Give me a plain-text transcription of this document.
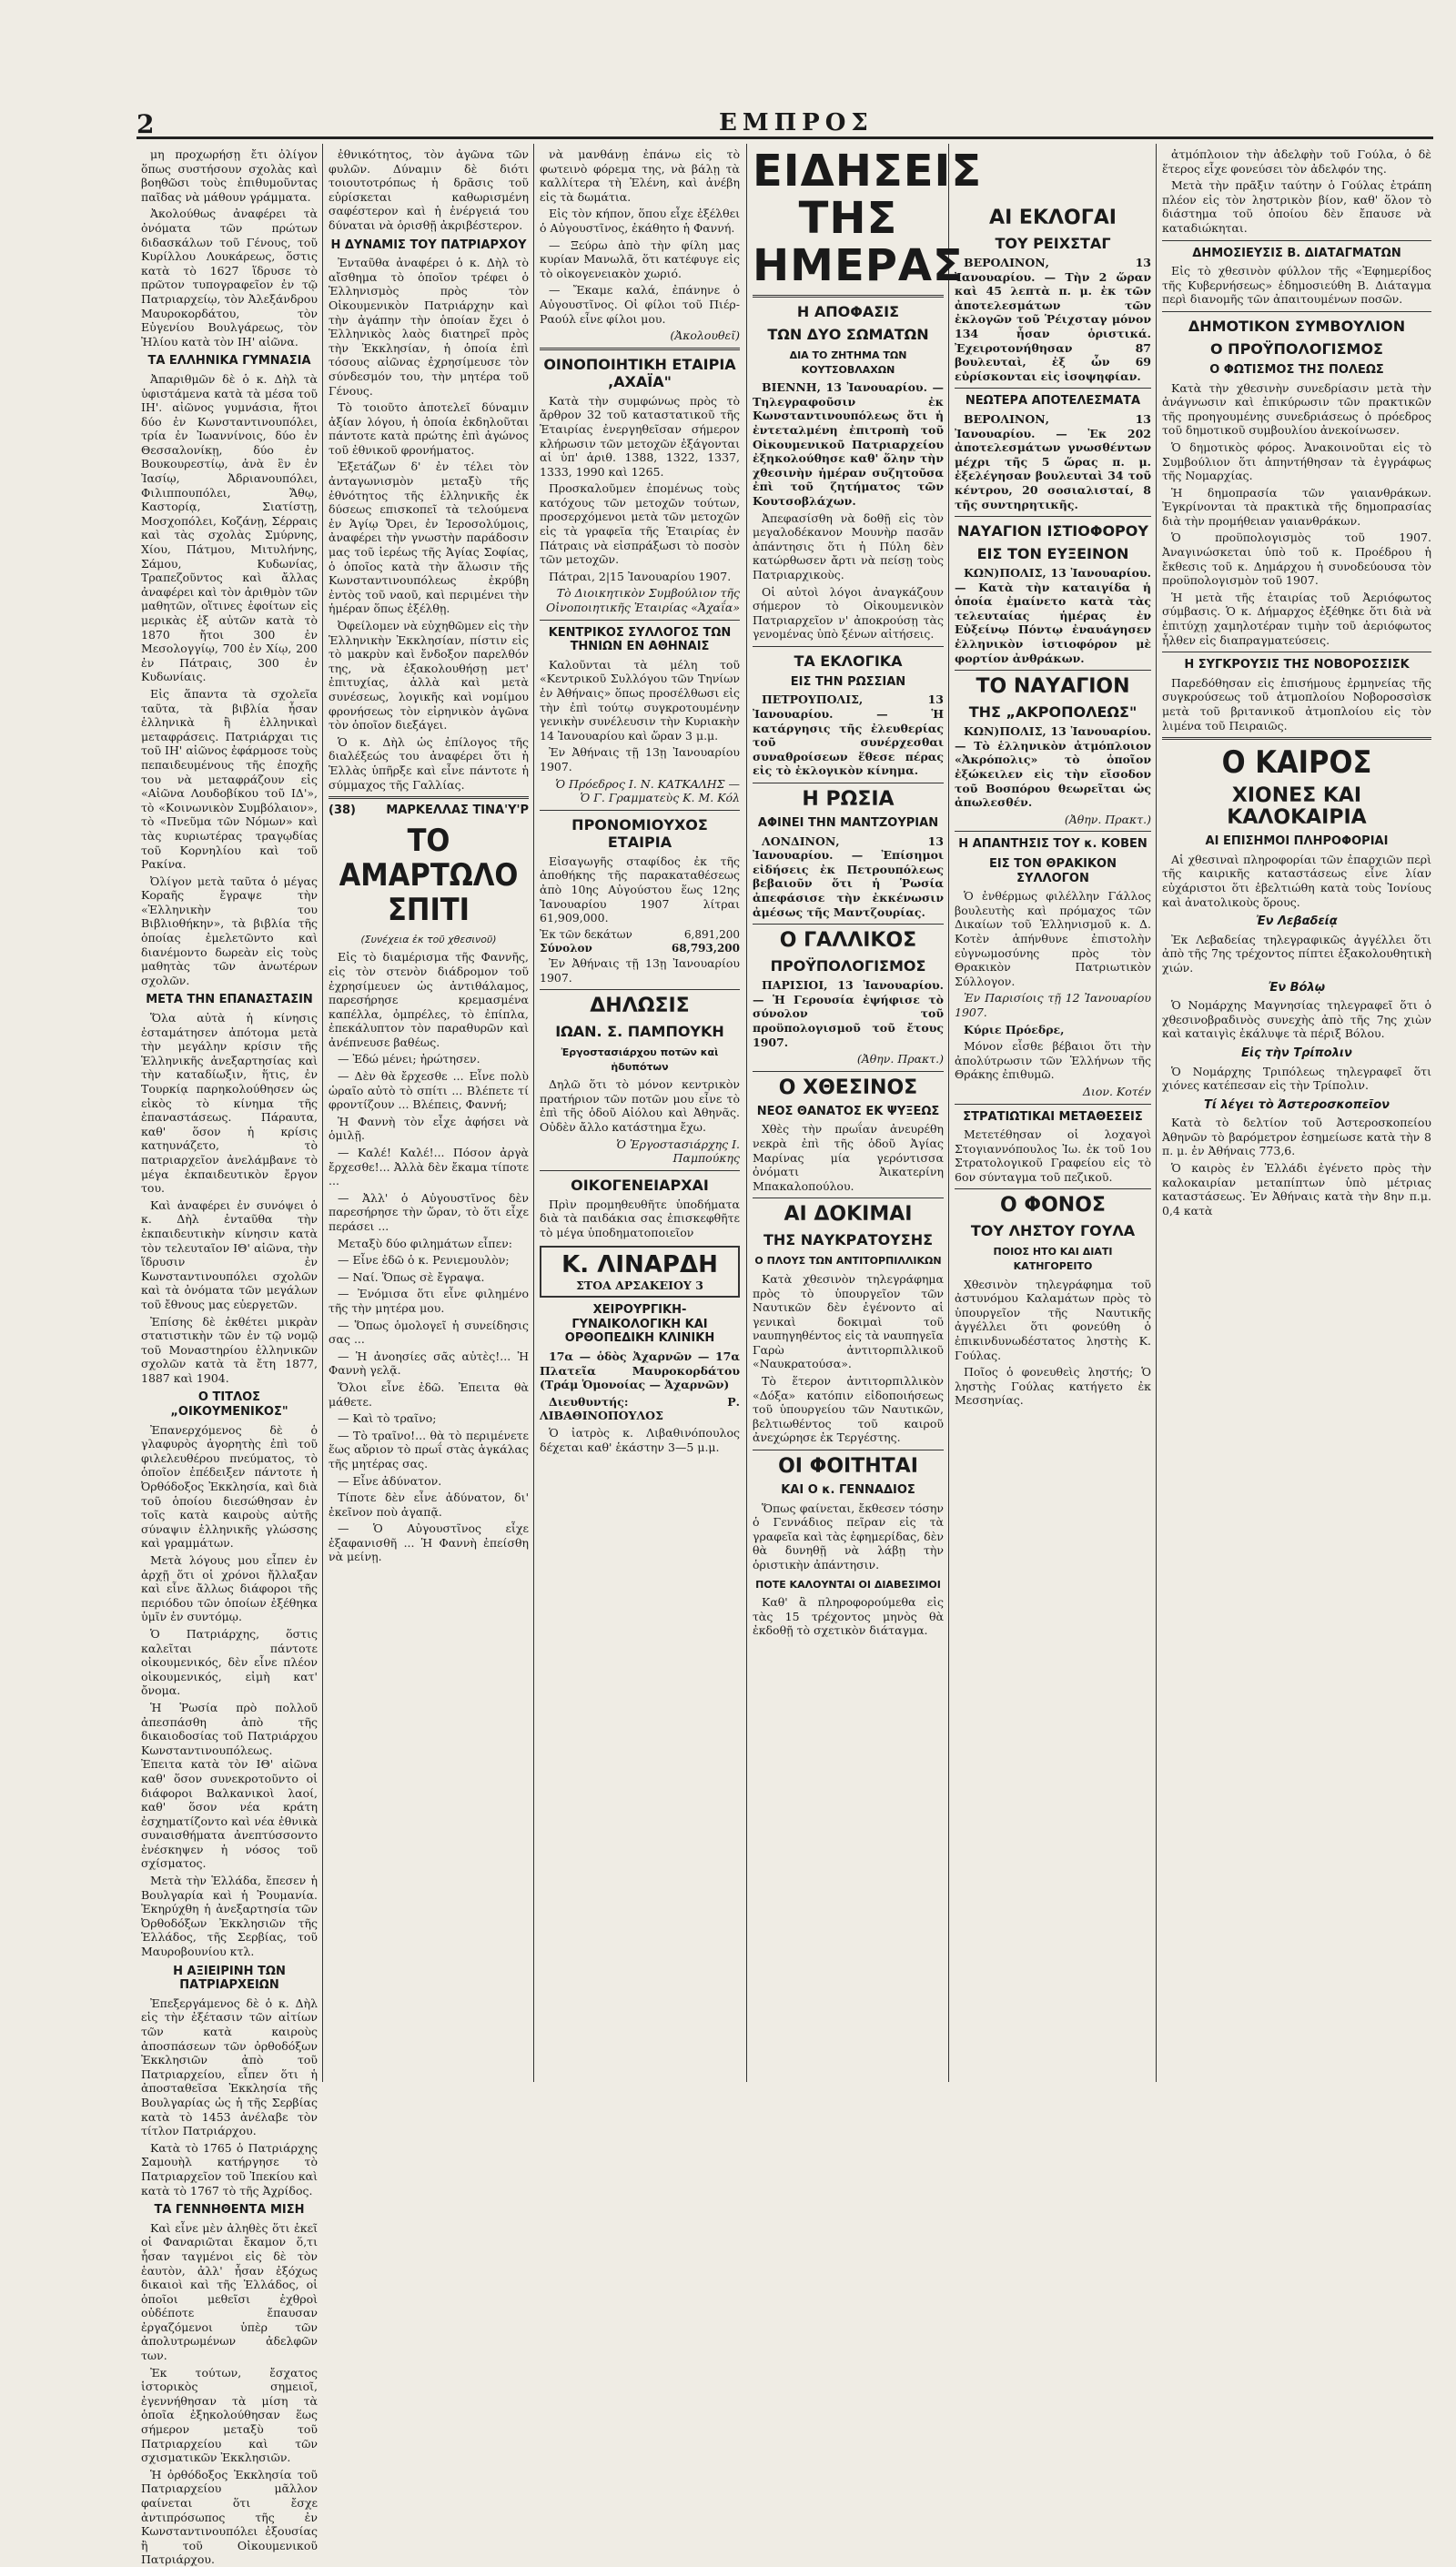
2	ΕΜΠΡΟΣ

μη προχωρήσῃ ἔτι ὀλίγον ὅπως συστήσουν σχολὰς καὶ βοηθῶσι τοὺς ἐπιθυμοῦντας παῖδας νὰ μάθουν γράμματα.

Ἀκολούθως ἀναφέρει τὰ ὀνόματα τῶν πρώτων διδασκάλων τοῦ Γένους, τοῦ Κυρίλλου Λουκάρεως, ὅστις κατὰ τὸ 1627 ἵδρυσε τὸ πρῶτον τυπογραφεῖον ἐν τῷ Πατριαρχείῳ, τὸν Ἀλεξάνδρου Μαυροκορδάτου, τὸν Εὐγενίου Βουλγάρεως, τὸν Ἠλίου κατὰ τὸν ΙΗ' αἰῶνα.

ΤΑ ΕΛΛΗΝΙΚΑ ΓΥΜΝΑΣΙΑ

Ἀπαριθμῶν δὲ ὁ κ. Δὴλ τὰ ὑφιστάμενα κατὰ τὰ μέσα τοῦ ΙΗ'. αἰῶνος γυμνάσια, ἥτοι δύο ἐν Κωνσταντινουπόλει, τρία ἐν Ἰωαννίνοις, δύο ἐν Θεσσαλονίκῃ, δύο ἐν Βουκουρεστίῳ, ἀνὰ ἓν ἐν Ἰασίῳ, Ἀδριανουπόλει, Φιλιππουπόλει, Ἄθῳ, Καστορίᾳ, Σιατίστῃ, Μοσχοπόλει, Κοζάνῃ, Σέρραις καὶ τὰς σχολὰς Σμύρνης, Χίου, Πάτμου, Μιτυλήνης, Σάμου, Κυδωνίας, Τραπεζοῦντος καὶ ἄλλας ἀναφέρει καὶ τὸν ἀριθμὸν τῶν μαθητῶν, οἵτινες ἐφοίτων εἰς μερικὰς ἐξ αὐτῶν κατὰ τὸ 1870 ἤτοι 300 ἐν Μεσολογγίῳ, 700 ἐν Χίῳ, 200 ἐν Πάτραις, 300 ἐν Κυδωνίαις.

Εἰς ἅπαντα τὰ σχολεῖα ταῦτα, τὰ βιβλία ἦσαν ἑλληνικὰ ἢ ἑλληνικαὶ μεταφράσεις. Πατριάρχαι τις τοῦ ΙΗ' αἰῶνος ἐφάρμοσε τοὺς πεπαιδευμένους τῆς ἐποχῆς του νὰ μεταφράζουν εἰς «Αἰῶνα Λουδοβίκου τοῦ ΙΔ'», τὸ «Κοινωνικὸν Συμβόλαιον», τὸ «Πνεῦμα τῶν Νόμων» καὶ τὰς κυριωτέρας τραγῳδίας τοῦ Κορνηλίου καὶ τοῦ Ρακίνα.

Ὀλίγον μετὰ ταῦτα ὁ μέγας Κοραῆς ἔγραψε τὴν «Ἑλληνικὴν του Βιβλιοθήκην», τὰ βιβλία τῆς ὁποίας ἐμελετῶντο καὶ διανέμοντο δωρεὰν εἰς τοὺς μαθητὰς τῶν ἀνωτέρων σχολῶν.

ΜΕΤΑ ΤΗΝ ΕΠΑΝΑΣΤΑΣΙΝ

Ὅλα αὐτὰ ἡ κίνησις ἐσταμάτησεν ἀπότομα μετὰ τὴν μεγάλην κρίσιν τῆς Ἑλληνικῆς ἀνεξαρτησίας καὶ τὴν καταδίωξιν, ἥτις, ἐν Τουρκίᾳ παρηκολούθησεν ὡς εἰκὸς τὸ κίνημα τῆς ἐπαναστάσεως. Πάραυτα, καθ' ὅσον ἡ κρίσις κατηυνάζετο, τὸ πατριαρχεῖον ἀνελάμβανε τὸ μέγα ἐκπαιδευτικὸν ἔργον του.

Καὶ ἀναφέρει ἐν συνόψει ὁ κ. Δὴλ ἐνταῦθα τὴν ἐκπαιδευτικὴν κίνησιν κατὰ τὸν τελευταῖον ΙΘ' αἰῶνα, τὴν ἵδρυσιν ἐν Κωνσταντινουπόλει σχολῶν καὶ τὰ ὀνόματα τῶν μεγάλων τοῦ ἔθνους μας εὐεργετῶν.

Ἐπίσης δὲ ἐκθέτει μικρὰν στατιστικὴν τῶν ἐν τῷ νομῷ τοῦ Μοναστηρίου ἑλληνικῶν σχολῶν κατὰ τὰ ἔτη 1877, 1887 καὶ 1904.

Ο ΤΙΤΛΟΣ „ΟΙΚΟΥΜΕΝΙΚΟΣ"

Ἐπανερχόμενος δὲ ὁ γλαφυρὸς ἀγορητὴς ἐπὶ τοῦ φιλελευθέρου πνεύματος, τὸ ὁποῖον ἐπέδειξεν πάντοτε ἡ Ὀρθόδοξος Ἐκκλησία, καὶ διὰ τοῦ ὁποίου διεσώθησαν ἐν τοῖς κατὰ καιροὺς αὐτῆς σύναψιν ἑλληνικῆς γλώσσης καὶ γραμμάτων.

Μετὰ λόγους μου εἶπεν ἐν ἀρχῇ ὅτι οἱ χρόνοι ἤλλαξαν καὶ εἶνε ἄλλως διάφοροι τῆς περιόδου τῶν ὁποίων ἐξέθηκα ὑμῖν ἐν συντόμῳ.

Ὁ Πατριάρχης, ὅστις καλεῖται πάντοτε οἰκουμενικός, δὲν εἶνε πλέον οἰκουμενικός, εἰμὴ κατ' ὄνομα.

Ἡ Ῥωσία πρὸ πολλοῦ ἀπεσπάσθη ἀπὸ τῆς δικαιοδοσίας τοῦ Πατριάρχου Κωνσταντινουπόλεως. Ἐπειτα κατὰ τὸν ΙΘ' αἰῶνα καθ' ὅσον συνεκροτοῦντο οἱ διάφοροι Βαλκανικοὶ λαοί, καθ' ὅσον νέα κράτη ἐσχηματίζοντο καὶ νέα ἐθνικὰ συναισθήματα ἀνεπτύσσοντο ἐνέσκηψεν ἡ νόσος τοῦ σχίσματος.

Μετὰ τὴν Ἑλλάδα, ἔπεσεν ἡ Βουλγαρία καὶ ἡ Ῥουμανία. Ἐκηρύχθη ἡ ἀνεξαρτησία τῶν Ὀρθοδόξων Ἐκκλησιῶν τῆς Ἑλλάδος, τῆς Σερβίας, τοῦ Μαυροβουνίου κτλ.

Η ΑΞΙΕΙΡΙΝΗ ΤΩΝ ΠΑΤΡΙΑΡΧΕΙΩΝ

Ἐπεξεργάμενος δὲ ὁ κ. Δὴλ εἰς τὴν ἐξέτασιν τῶν αἰτίων τῶν κατὰ καιροὺς ἀποσπάσεων τῶν ὀρθοδόξων Ἐκκλησιῶν ἀπὸ τοῦ Πατριαρχείου, εἶπεν ὅτι ἡ ἀποσταθεῖσα Ἐκκλησία τῆς Βουλγαρίας ὡς ἡ τῆς Σερβίας κατὰ τὸ 1453 ἀνέλαβε τὸν τίτλον Πατριάρχου.

Κατὰ τὸ 1765 ὁ Πατριάρχης Σαμουὴλ κατήργησε τὸ Πατριαρχεῖον τοῦ Ἰπεκίου καὶ κατὰ τὸ 1767 τὸ τῆς Ἀχρίδος.

ΤΑ ΓΕΝΝΗΘΕΝΤΑ ΜΙΣΗ

Καὶ εἶνε μὲν ἀληθὲς ὅτι ἐκεῖ οἱ Φαναριῶται ἔκαμον ὅ,τι ἦσαν ταγμένοι εἰς δὲ τὸν ἑαυτὸν, ἀλλ' ἦσαν ἐξόχως δικαιοὶ καὶ τῆς Ἑλλάδος, οἱ ὁποῖοι μεθεῖσι ἐχθροὶ οὐδέποτε ἔπαυσαν ἐργαζόμενοι ὑπὲρ τῶν ἀπολυτρωμένων ἀδελφῶν των.

Ἐκ τούτων, ἔσχατος ἱστορικὸς σημειοῖ, ἐγεννήθησαν τὰ μίση τὰ ὁποῖα ἐξηκολούθησαν ἕως σήμερον μεταξὺ τοῦ Πατριαρχείου καὶ τῶν σχισματικῶν Ἐκκλησιῶν.

Ἡ ὀρθόδοξος Ἐκκλησία τοῦ Πατριαρχείου μᾶλλον φαίνεται ὅτι ἔσχε ἀντιπρόσωπος τῆς ἐν Κωνσταντινουπόλει ἐξουσίας ἢ τοῦ Οἰκουμενικοῦ Πατριάρχου.

ἐθνικότητος, τὸν ἀγῶνα τῶν φυλῶν. Δύναμιν δὲ διότι τοιουτοτρόπως ἡ δρᾶσις τοῦ εὑρίσκεται καθωρισμένη σαφέστερον καὶ ἡ ἐνέργειά του δύναται νὰ ὁρισθῇ ἀκριβέστερον.

Η ΔΥΝΑΜΙΣ ΤΟΥ ΠΑΤΡΙΑΡΧΟΥ

Ἐνταῦθα ἀναφέρει ὁ κ. Δὴλ τὸ αἴσθημα τὸ ὁποῖον τρέφει ὁ Ἑλληνισμὸς πρὸς τὸν Οἰκουμενικὸν Πατριάρχην καὶ τὴν ἀγάπην τὴν ὁποίαν ἔχει ὁ Ἑλληνικὸς λαὸς διατηρεῖ πρὸς τὴν Ἐκκλησίαν, ἡ ὁποία ἐπὶ τόσους αἰῶνας ἐχρησίμευσε τὸν σύνδεσμόν του, τὴν μητέρα τοῦ Γένους.

Τὸ τοιοῦτο ἀποτελεῖ δύναμιν ἀξίαν λόγου, ἡ ὁποία ἐκδηλοῦται πάντοτε κατὰ πρώτης ἐπὶ ἀγώνος τοῦ ἐθνικοῦ φρονήματος.

Ἐξετάζων δ' ἐν τέλει τὸν ἀνταγωνισμὸν μεταξὺ τῆς ἐθνότητος τῆς ἑλληνικῆς ἐκ δύσεως επισκοπεῖ τὰ τελούμενα ἐν Ἁγίῳ Ὄρει, ἐν Ἱεροσολύμοις, ἀναφέρει τὴν γνωστὴν παράδοσιν μας τοῦ ἱερέως τῆς Ἁγίας Σοφίας, ὁ ὁποῖος κατὰ τὴν ἅλωσιν τῆς Κωνσταντινουπόλεως ἐκρύβη ἐντὸς τοῦ ναοῦ, καὶ περιμένει τὴν ἡμέραν ὅπως ἐξέλθῃ.

Ὀφείλομεν νὰ εὐχηθῶμεν εἰς τὴν Ἑλληνικὴν Ἐκκλησίαν, πίστιν εἰς τὸ μακρὺν καὶ ἔνδοξον παρελθόν της, νὰ ἐξακολουθήσῃ μετ' ἐπιτυχίας, ἀλλὰ καὶ μετὰ συνέσεως, λογικῆς καὶ νομίμου φρονήσεως τὸν εἰρηνικὸν ἀγῶνα τὸν ὁποῖον διεξάγει.

Ὁ κ. Δὴλ ὡς ἐπίλογος τῆς διαλέξεώς του ἀναφέρει ὅτι ἡ Ἑλλὰς ὑπῆρξε καὶ εἶνε πάντοτε ἡ σύμμαχος τῆς Γαλλίας.

(38)	ΜΑΡΚΕΛΛΑΣ ΤΙΝΑ'Υ'Ρ
ΤΟ ΑΜΑΡΤΩΛΟ ΣΠΙΤΙ
(Συνέχεια ἐκ τοῦ χθεσινοῦ)

Εἰς τὸ διαμέρισμα τῆς Φαννῆς, εἰς τὸν στενὸν διάδρομον τοῦ ἐχρησίμευεν ὡς ἀντιθάλαμος, παρεσήρησε κρεμασμένα καπέλλα, ὀμπρέλες, τὸ ἐπίπλα, ἐπεκάλυπτον τὸν παραθυρῶν καὶ ἀνέπνευσε βαθέως.

— Ἐδώ μένει; ἠρώτησεν.

— Δὲν θὰ ἔρχεσθε ... Εἶνε πολὺ ὡραῖο αὐτὸ τὸ σπίτι ... Βλέπετε τί φροντίζουν ... Βλέπεις, Φαννή;

Ἡ Φαννὴ τὸν εἶχε ἀφήσει νὰ ὁμιλῇ.

— Καλέ! Καλέ!... Πόσον ἀργὰ ἔρχεσθε!... Ἀλλὰ δὲν ἔκαμα τίποτε ...

— Ἀλλ' ὁ Αὐγουστῖνος δὲν παρεσήρησε τὴν ὥραν, τὸ ὅτι εἶχε περάσει ...

Μεταξὺ δύο φιλημάτων εἶπεν:

— Εἶνε ἐδῶ ὁ κ. Ρενιεμουλὸν;

— Ναί. Ὅπως σὲ ἔγραψα.

— Ἐνόμισα ὅτι εἶνε φιλημένο τῆς τὴν μητέρα μου.

— Ὅπως ὁμολογεῖ ἡ συνείδησις σας ...

— Ἡ ἀνοησίες σᾶς αὐτὲς!... Ἡ Φαννὴ γελᾷ.

Ὅλοι εἶνε ἐδῶ. Ἐπειτα θὰ μάθετε.

— Καὶ τὸ τραῖνο;

— Τὸ τραῖνο!... θὰ τὸ περιμένετε ἕως αὔριον τὸ πρωΐ στὰς ἀγκάλας τῆς μητέρας σας.

— Εἶνε ἀδύνατον.

Τίποτε δὲν εἶνε ἀδύνατον, δι' ἐκεῖνον ποὺ ἀγαπᾷ.

— Ὁ Αὐγουστῖνος εἶχε ἐξαφανισθῆ ... Ἡ Φαννὴ ἐπείσθη νὰ μείνῃ.

νὰ μανθάνῃ ἐπάνω εἰς τὸ φωτεινὸ φόρεμα της, νὰ βάλῃ τὰ καλλίτερα τὴ Ἑλένη, καὶ ἀνέβη εἰς τὰ δωμάτια.

Εἰς τὸν κήπον, ὅπου εἶχε ἐξέλθει ὁ Αὐγουστῖνος, ἐκάθητο ἡ Φαννή.

— Ξεύρω ἀπὸ τὴν φίλη μας κυρίαν Μανωλᾶ, ὅτι κατέφυγε εἰς τὸ οἰκογενειακὸν χωριό.

— Ἔκαμε καλά, ἐπάνηνε ὁ Αὐγουστῖνος. Οἱ φίλοι τοῦ Πιέρ-Ραούλ εἶνε φίλοι μου.

(Ἀκολουθεῖ)

ΟΙΝΟΠΟΙΗΤΙΚΗ ΕΤΑΙΡΙΑ ,ΑΧΑΪΑ"

Κατὰ τὴν συμφώνως πρὸς τὸ ἄρθρον 32 τοῦ καταστατικοῦ τῆς Ἑταιρίας ἐνεργηθεῖσαν σήμερον κλήρωσιν τῶν μετοχῶν ἐξάγονται αἱ ὑπ' ἀριθ. 1388, 1322, 1337, 1333, 1990 καὶ 1265.

Προσκαλοῦμεν ἐπομένως τοὺς κατόχους τῶν μετοχῶν τούτων, προσερχόμενοι μετὰ τῶν μετοχῶν εἰς τὰ γραφεῖα τῆς Ἑταιρίας ἐν Πάτραις νὰ εἰσπράξωσι τὸ ποσὸν τῶν μετοχῶν.

Πάτραι, 2|15 Ἰανουαρίου 1907.

Τὸ Διοικητικὸν Συμβούλιον τῆς Οἰνοποιητικῆς Ἑταιρίας «Ἀχαΐα»

ΚΕΝΤΡΙΚΟΣ ΣΥΛΛΟΓΟΣ ΤΩΝ ΤΗΝΙΩΝ ΕΝ ΑΘΗΝΑΙΣ

Καλοῦνται τὰ μέλη τοῦ «Κεντρικοῦ Συλλόγου τῶν Τηνίων ἐν Ἀθήναις» ὅπως προσέλθωσι εἰς τὴν ἐπὶ τούτῳ συγκροτουμένην γενικὴν συνέλευσιν τὴν Κυριακὴν 14 Ἰανουαρίου καὶ ὥραν 3 μ.μ.

Ἐν Ἀθήναις τῇ 13ῃ Ἰανουαρίου 1907.

Ὁ Πρόεδρος Ι. Ν. ΚΑΤΚΑΛΗΣ — Ὁ Γ. Γραμματεὺς Κ. Μ. Κόλ

ΠΡΟΝΟΜΙΟΥΧΟΣ ΕΤΑΙΡΙΑ

Εἰσαγωγῆς σταφίδος ἐκ τῆς ἀποθήκης τῆς παρακαταθέσεως ἀπὸ 10ης Αὐγούστου ἕως 12ης Ἰανουαρίου 1907 λίτραι 61,909,000.

Ἐκ τῶν δεκάτων	6,891,200
Σύνολον	68,793,200

Ἐν Ἀθήναις τῇ 13ῃ Ἰανουαρίου 1907.

ΔΗΛΩΣΙΣ
ΙΩΑΝ. Σ. ΠΑΜΠΟΥΚΗ
Ἐργοστασιάρχου ποτῶν καὶ ἡδυπότων

Δηλῶ ὅτι τὸ μόνον κεντρικὸν πρατήριον τῶν ποτῶν μου εἶνε τὸ ἐπὶ τῆς ὁδοῦ Αἰόλου καὶ Ἀθηνᾶς. Οὐδὲν ἄλλο κατάστημα ἔχω.

Ὁ Ἐργοστασιάρχης Ι. Παμπούκης

ΟΙΚΟΓΕΝΕΙΑΡΧΑΙ

Πρὶν προμηθευθῆτε ὑποδήματα διὰ τὰ παιδάκια σας ἐπισκεφθῆτε τὸ μέγα ὑποδηματοποιεῖον

Κ. ΛΙΝΑΡΔΗ
ΣΤΟΑ ΑΡΣΑΚΕΙΟΥ 3
ΧΕΙΡΟΥΡΓΙΚΗ-ΓΥΝΑΙΚΟΛΟΓΙΚΗ ΚΑΙ ΟΡΘΟΠΕΔΙΚΗ ΚΛΙΝΙΚΗ

17α — ὁδὸς Ἀχαρνῶν — 17α Πλατεῖα Μαυροκορδάτου (Τράμ Ὁμονοίας — Ἀχαρνῶν)

Διευθυντής: Ρ. ΛΙΒΑΘΙΝΟΠΟΥΛΟΣ

Ὁ ἰατρὸς κ. Λιβαθινόπουλος δέχεται καθ' ἑκάστην 3—5 μ.μ.

ΕΙΔΗΣΕΙΣ ΤΗΣ ΗΜΕΡΑΣ
Η ΑΠΟΦΑΣΙΣ
ΤΩΝ ΔΥΟ ΣΩΜΑΤΩΝ
ΔΙΑ ΤΟ ΖΗΤΗΜΑ ΤΩΝ ΚΟΥΤΣΟΒΛΑΧΩΝ

ΒΙΕΝΝΗ, 13 Ἰανουαρίου. — Τηλεγραφοῦσιν ἐκ Κωνσταντινουπόλεως ὅτι ἡ ἐντεταλμένη ἐπιτροπὴ τοῦ Οἰκουμενικοῦ Πατριαρχείου ἐξηκολούθησε καθ' ὅλην τὴν χθεσινὴν ἡμέραν συζητοῦσα ἐπὶ τοῦ ζητήματος τῶν Κουτσοβλάχων.

Ἀπεφασίσθη νὰ δοθῇ εἰς τὸν μεγαλοδέκανον Μουνὴρ πασᾶν ἀπάντησις ὅτι ἡ Πύλη δὲν κατώρθωσεν ἄρτι νὰ πείσῃ τοὺς Πατριαρχικοὺς.

Οἱ αὐτοὶ λόγοι ἀναγκάζουν σήμερον τὸ Οἰκουμενικὸν Πατριαρχεῖον ν' ἀποκρούσῃ τὰς γενομένας ὑπὸ ξένων αἰτήσεις.

ΤΑ ΕΚΛΟΓΙΚΑ
ΕΙΣ ΤΗΝ ΡΩΣΣΙΑΝ

ΠΕΤΡΟΥΠΟΛΙΣ, 13 Ἰανουαρίου. — Ἡ κατάργησις τῆς ἐλευθερίας τοῦ συνέρχεσθαι συναθροίσεων ἕθεσε πέρας εἰς τὸ ἐκλογικὸν κίνημα.

Η ΡΩΣΙΑ
ΑΦΙΝΕΙ ΤΗΝ ΜΑΝΤΖΟΥΡΙΑΝ

ΛΟΝΔΙΝΟΝ, 13 Ἰανουαρίου. — Ἐπίσημοι εἰδήσεις ἐκ Πετρουπόλεως βεβαιοῦν ὅτι ἡ Ῥωσία ἀπεφάσισε τὴν ἐκκένωσιν ἀμέσως τῆς Μαντζουρίας.

Ο ΓΑΛΛΙΚΟΣ
ΠΡΟΫΠΟΛΟΓΙΣΜΟΣ

ΠΑΡΙΣΙΟΙ, 13 Ἰανουαρίου. — Ἡ Γερουσία ἐψήφισε τὸ σύνολον τοῦ προϋπολογισμοῦ τοῦ ἔτους 1907.

(Ἀθην. Πρακτ.)

Ο ΧΘΕΣΙΝΟΣ
ΝΕΟΣ ΘΑΝΑΤΟΣ ΕΚ ΨΥΞΕΩΣ

Χθὲς τὴν πρωΐαν ἀνευρέθη νεκρὰ ἐπὶ τῆς ὁδοῦ Ἀγίας Μαρίνας μία γερόντισσα ὀνόματι Ἀικατερίνη Μπακαλοπούλου.

ΑΙ ΔΟΚΙΜΑΙ
ΤΗΣ ΝΑΥΚΡΑΤΟΥΣΗΣ
Ο ΠΛΟΥΣ ΤΩΝ ΑΝΤΙΤΟΡΠΙΛΛΙΚΩΝ

Κατὰ χθεσινὸν τηλεγράφημα πρὸς τὸ ὑπουργεῖον τῶν Ναυτικῶν δὲν ἐγένοντο αἱ γενικαὶ δοκιμαὶ τοῦ ναυπηγηθέντος εἰς τὰ ναυπηγεῖα Γαρὼ ἀντιτορπιλλικοῦ «Ναυκρατούσα».

Τὸ ἕτερον ἀντιτορπιλλικὸν «Δόξα» κατόπιν εἰδοποιήσεως τοῦ ὑπουργείου τῶν Ναυτικῶν, βελτιωθέντος τοῦ καιροῦ ἀνεχώρησε ἐκ Τεργέστης.

ΟΙ ΦΟΙΤΗΤΑΙ
ΚΑΙ Ο κ. ΓΕΝΝΑΔΙΟΣ

Ὅπως φαίνεται, ἔκθεσεν τόσην ὁ Γεννάδιος πεῖραν εἰς τὰ γραφεῖα καὶ τὰς ἐφημερίδας, δὲν θὰ δυνηθῇ νὰ λάβῃ τὴν ὁριστικὴν ἀπάντησιν.

ΠΟΤΕ ΚΑΛΟΥΝΤΑΙ ΟΙ ΔΙΑΒΕΣΙΜΟΙ

Καθ' ἃ πληροφορούμεθα εἰς τὰς 15 τρέχοντος μηνὸς θὰ ἐκδοθῇ τὸ σχετικὸν διάταγμα.

ΑΙ ΕΚΛΟΓΑΙ
ΤΟΥ ΡΕΙΧΣΤΑΓ

ΒΕΡΟΛΙΝΟΝ, 13 Ἰανουαρίου. — Τὴν 2 ὥραν καὶ 45 λεπτὰ π. μ. ἐκ τῶν ἀποτελεσμάτων τῶν ἐκλογῶν τοῦ Ῥέιχσταγ μόνον 134 ἦσαν ὁριστικά. Ἐχειροτονήθησαν 87 βουλευταὶ, ἐξ ὧν 69 εὐρίσκονται εἰς ἰσοψηφίαν.

ΝΕΩΤΕΡΑ ΑΠΟΤΕΛΕΣΜΑΤΑ

ΒΕΡΟΛΙΝΟΝ, 13 Ἰανουαρίου. — Ἐκ 202 ἀποτελεσμάτων γνωσθέντων μέχρι τῆς 5 ὥρας π. μ. ἐξελέγησαν βουλευταὶ 34 τοῦ κέντρου, 20 σοσιαλισταί, 8 τῆς συντηρητικῆς.

ΝΑΥΑΓΙΟΝ ΙΣΤΙΟΦΟΡΟΥ
ΕΙΣ ΤΟΝ ΕΥΞΕΙΝΟΝ

ΚΩΝ)ΠΟΛΙΣ, 13 Ἰανουαρίου. — Κατὰ τὴν καταιγίδα ἡ ὁποία ἐμαίνετο κατὰ τὰς τελευταίας ἡμέρας ἐν Εὐξείνῳ Πόντῳ ἐναυάγησεν ἑλληνικὸν ἱστιοφόρον μὲ φορτίον ἀνθράκων.

ΤΟ ΝΑΥΑΓΙΟΝ
ΤΗΣ „ΑΚΡΟΠΟΛΕΩΣ"

ΚΩΝ)ΠΟΛΙΣ, 13 Ἰανουαρίου. — Τὸ ἑλληνικὸν ἀτμόπλοιον «Ἀκρόπολις» τὸ ὁποῖον ἐξώκειλεν εἰς τὴν εἴσοδον τοῦ Βοσπόρου θεωρεῖται ὡς ἀπωλεσθέν.

(Ἀθην. Πρακτ.)

Η ΑΠΑΝΤΗΣΙΣ ΤΟΥ κ. ΚΟΒΕΝ
ΕΙΣ ΤΟΝ ΘΡΑΚΙΚΟΝ ΣΥΛΛΟΓΟΝ

Ὁ ἐνθέρμως φιλέλλην Γάλλος βουλευτὴς καὶ πρόμαχος τῶν Δικαίων τοῦ Ἑλληνισμοῦ κ. Δ. Κοτὲν ἀπήνθυνε ἐπιστολὴν εὐγνωμοσύνης πρὸς τὸν Θρακικὸν Πατριωτικὸν Σύλλογον.

Ἐν Παρισίοις τῇ 12 Ἰανουαρίου 1907.

Κύριε Πρόεδρε,

Μόνον εἶσθε βέβαιοι ὅτι τὴν ἀπολύτρωσιν τῶν Ἑλλήνων τῆς Θράκης ἐπιθυμῶ.

Διον. Κοτέν

ΣΤΡΑΤΙΩΤΙΚΑΙ ΜΕΤΑΘΕΣΕΙΣ

Μετετέθησαν οἱ λοχαγοὶ Στογιαννόπουλος Ἰω. ἐκ τοῦ 1ου Στρατολογικοῦ Γραφείου εἰς τὸ 6ον σύνταγμα τοῦ πεζικοῦ.

Ο ΦΟΝΟΣ
ΤΟΥ ΛΗΣΤΟΥ ΓΟΥΛΑ
ΠΟΙΟΣ ΗΤΟ ΚΑΙ ΔΙΑΤΙ ΚΑΤΗΓΟΡΕΙΤΟ

Χθεσινὸν τηλεγράφημα τοῦ ἀστυνόμου Καλαμάτων πρὸς τὸ ὑπουργεῖον τῆς Ναυτικῆς ἀγγέλλει ὅτι φονεύθη ὁ ἐπικινδυνωδέστατος ληστὴς Κ. Γούλας.

Ποῖος ὁ φονευθεὶς ληστής; Ὁ ληστὴς Γούλας κατήγετο ἐκ Μεσσηνίας.

ἀτμόπλοιον τὴν ἀδελφὴν τοῦ Γούλα, ὁ δὲ ἕτερος εἶχε φονεύσει τὸν ἀδελφόν της.

Μετὰ τὴν πρᾶξιν ταύτην ὁ Γούλας ἐτράπη πλέον εἰς τὸν ληστρικὸν βίον, καθ' ὅλον τὸ διάστημα τοῦ ὁποίου δὲν ἔπαυσε νὰ καταδιώκηται.

ΔΗΜΟΣΙΕΥΣΙΣ Β. ΔΙΑΤΑΓΜΑΤΩΝ

Εἰς τὸ χθεσινὸν φύλλον τῆς «Ἐφημερίδος τῆς Κυβερνήσεως» ἐδημοσιεύθη Β. Διάταγμα περὶ διανομῆς τῶν ἀπαιτουμένων ποσῶν.

ΔΗΜΟΤΙΚΟΝ ΣΥΜΒΟΥΛΙΟΝ
Ο ΠΡΟΫΠΟΛΟΓΙΣΜΟΣ
Ο ΦΩΤΙΣΜΟΣ ΤΗΣ ΠΟΛΕΩΣ

Κατὰ τὴν χθεσινὴν συνεδρίασιν μετὰ τὴν ἀνάγνωσιν καὶ ἐπικύρωσιν τῶν πρακτικῶν τῆς προηγουμένης συνεδριάσεως ὁ πρόεδρος τοῦ δημοτικοῦ συμβουλίου ἀνεκοίνωσεν.

Ὁ δημοτικὸς φόρος. Ἀνακοινοῦται εἰς τὸ Συμβούλιον ὅτι ἀπηντήθησαν τὰ ἐγγράφως τῆς Νομαρχίας.

Ἡ δημοπρασία τῶν γαιανθράκων. Ἐγκρίνονται τὰ πρακτικὰ τῆς δημοπρασίας διὰ τὴν προμήθειαν γαιανθράκων.

Ὁ προϋπολογισμὸς τοῦ 1907. Ἀναγινώσκεται ὑπὸ τοῦ κ. Προέδρου ἡ ἔκθεσις τοῦ κ. Δημάρχου ἡ συνοδεύουσα τὸν προϋπολογισμὸν τοῦ 1907.

Ἡ μετὰ τῆς ἑταιρίας τοῦ Ἀεριόφωτος σύμβασις. Ὁ κ. Δήμαρχος ἐξέθηκε ὅτι διὰ νὰ ἐπιτύχῃ χαμηλοτέραν τιμὴν τοῦ ἀεριόφωτος ἦλθεν εἰς διαπραγματεύσεις.

Η ΣΥΓΚΡΟΥΣΙΣ ΤΗΣ ΝΟΒΟΡΟΣΣΙΣΚ

Παρεδόθησαν εἰς ἐπισήμους ἐρμηνείας τῆς συγκρούσεως τοῦ ἀτμοπλοίου Νοβοροσσὶσκ μετὰ τοῦ βριτανικοῦ ἀτμοπλοίου εἰς τὸν λιμένα τοῦ Πειραιῶς.

Ο ΚΑΙΡΟΣ
ΧΙΟΝΕΣ ΚΑΙ ΚΑΛΟΚΑΙΡΙΑ
ΑΙ ΕΠΙΣΗΜΟΙ ΠΛΗΡΟΦΟΡΙΑΙ

Αἱ χθεσιναὶ πληροφορίαι τῶν ἐπαρχιῶν περὶ τῆς καιρικῆς καταστάσεως εἶνε λίαν εὐχάριστοι ὅτι ἐβελτιώθη κατὰ τοὺς Ἰονίους καὶ ἀνατολικοὺς ὅρους.

Ἐν Λεβαδείᾳ

Ἐκ Λεβαδείας τηλεγραφικῶς ἀγγέλλει ὅτι ἀπὸ τῆς 7ης τρέχοντος πίπτει ἐξακολουθητικὴ χιών.

Ἐν Βόλῳ

Ὁ Νομάρχης Μαγνησίας τηλεγραφεῖ ὅτι ὁ χθεσινοβραδινὸς συνεχὴς ἀπὸ τῆς 7ης χιὼν καὶ καταιγὶς ἐκάλυψε τὰ πέριξ Βόλου.

Εἰς τὴν Τρίπολιν

Ὁ Νομάρχης Τριπόλεως τηλεγραφεῖ ὅτι χιόνες κατέπεσαν εἰς τὴν Τρίπολιν.

Τί λέγει τὸ Ἀστεροσκοπεῖον

Κατὰ τὸ δελτίον τοῦ Ἀστεροσκοπείου Ἀθηνῶν τὸ βαρόμετρον ἐσημείωσε κατὰ τὴν 8 π. μ. ἐν Ἀθήναις 773,6.

Ὁ καιρὸς ἐν Ἑλλάδι ἐγένετο πρὸς τὴν καλοκαιρίαν μεταπίπτων ὑπὸ μέτριας καταστάσεως. Ἐν Ἀθήναις κατὰ τὴν 8ην π.μ. 0,4 κατὰ
